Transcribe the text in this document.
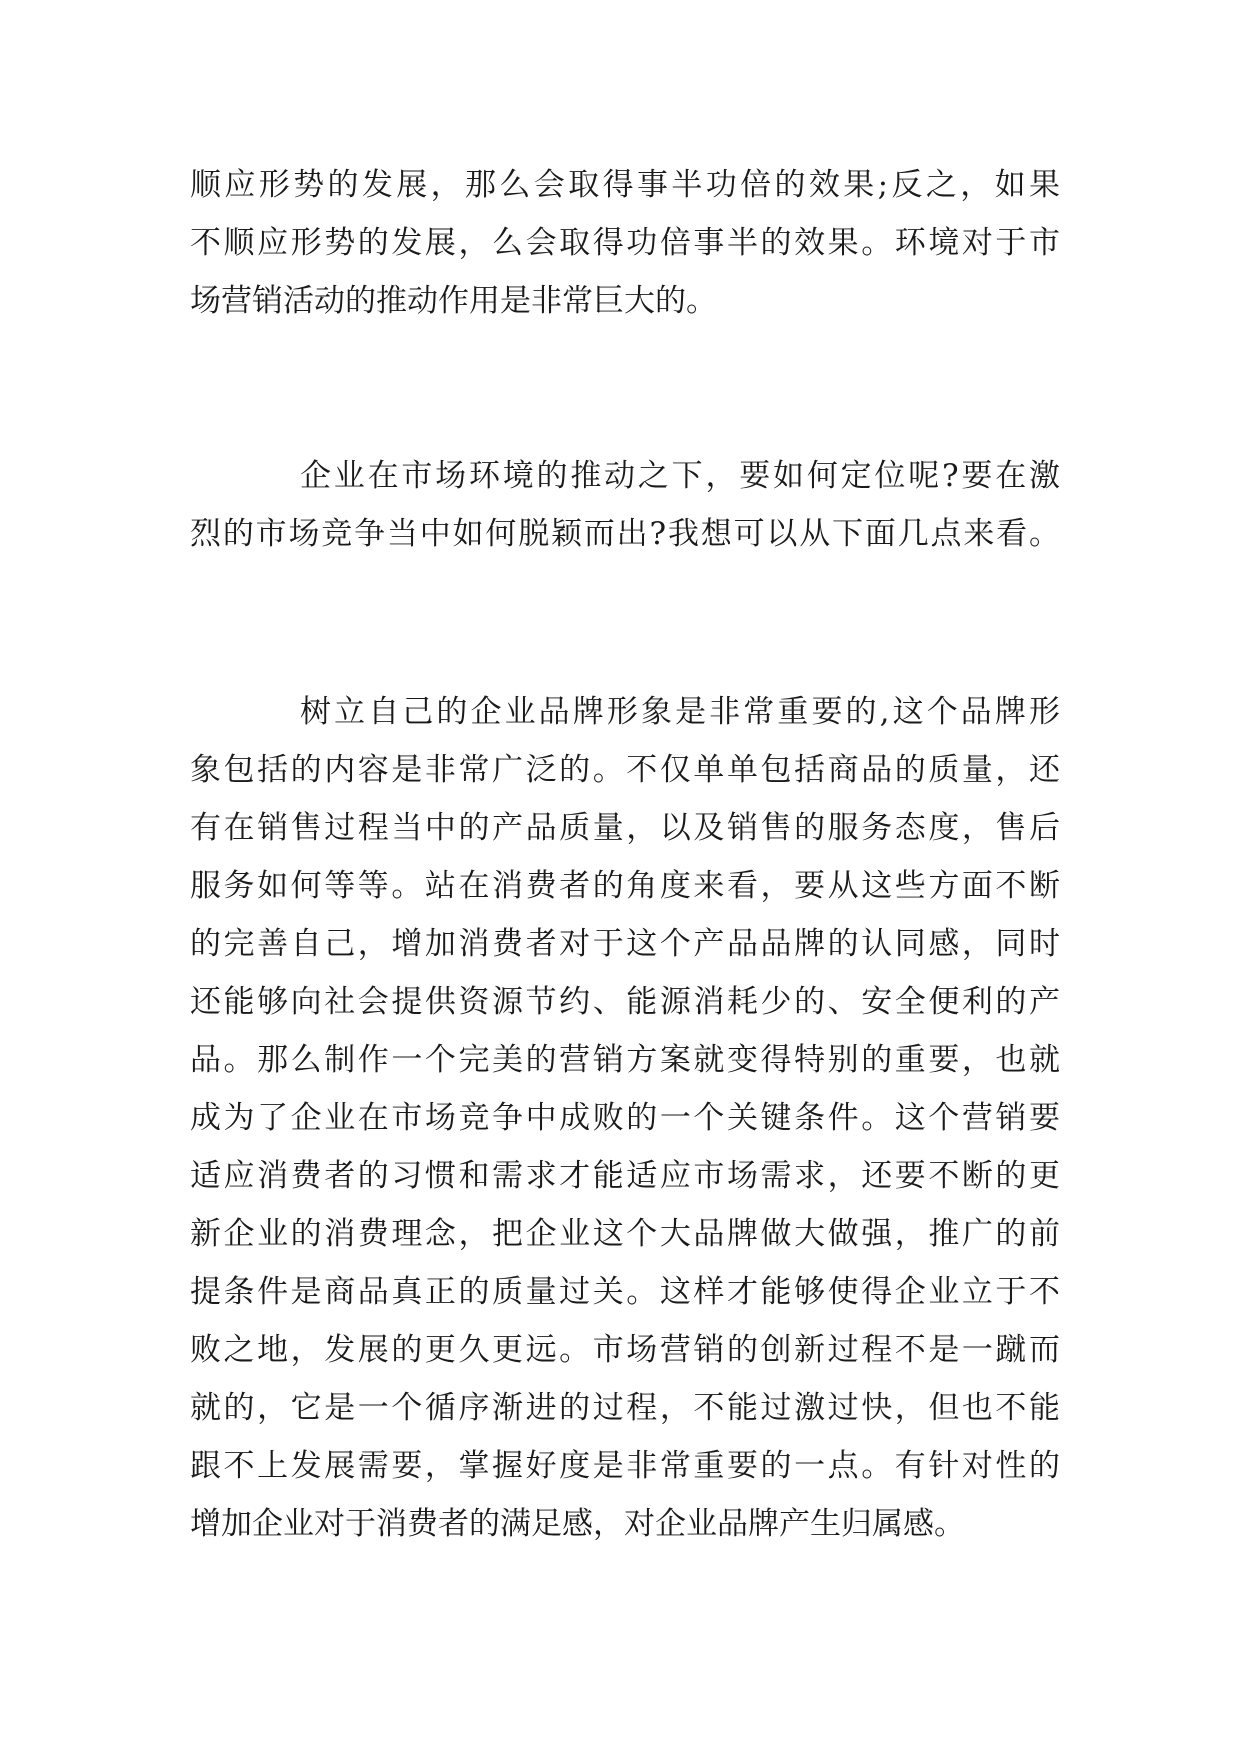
顺应形势的发展，那么会取得事半功倍的效果;反之，如果
不顺应形势的发展，么会取得功倍事半的效果。环境对于市
场营销活动的推动作用是非常巨大的。
企业在市场环境的推动之下，要如何定位呢?要在激
烈的市场竞争当中如何脱颖而出?我想可以从下面几点来看。
树立自己的企业品牌形象是非常重要的,这个品牌形
象包括的内容是非常广泛的。不仅单单包括商品的质量，还
有在销售过程当中的产品质量，以及销售的服务态度，售后
服务如何等等。站在消费者的角度来看，要从这些方面不断
的完善自己，增加消费者对于这个产品品牌的认同感，同时
还能够向社会提供资源节约、能源消耗少的、安全便利的产
品。那么制作一个完美的营销方案就变得特别的重要，也就
成为了企业在市场竞争中成败的一个关键条件。这个营销要
适应消费者的习惯和需求才能适应市场需求，还要不断的更
新企业的消费理念，把企业这个大品牌做大做强，推广的前
提条件是商品真正的质量过关。这样才能够使得企业立于不
败之地，发展的更久更远。市场营销的创新过程不是一蹴而
就的，它是一个循序渐进的过程，不能过激过快，但也不能
跟不上发展需要，掌握好度是非常重要的一点。有针对性的
增加企业对于消费者的满足感，对企业品牌产生归属感。
